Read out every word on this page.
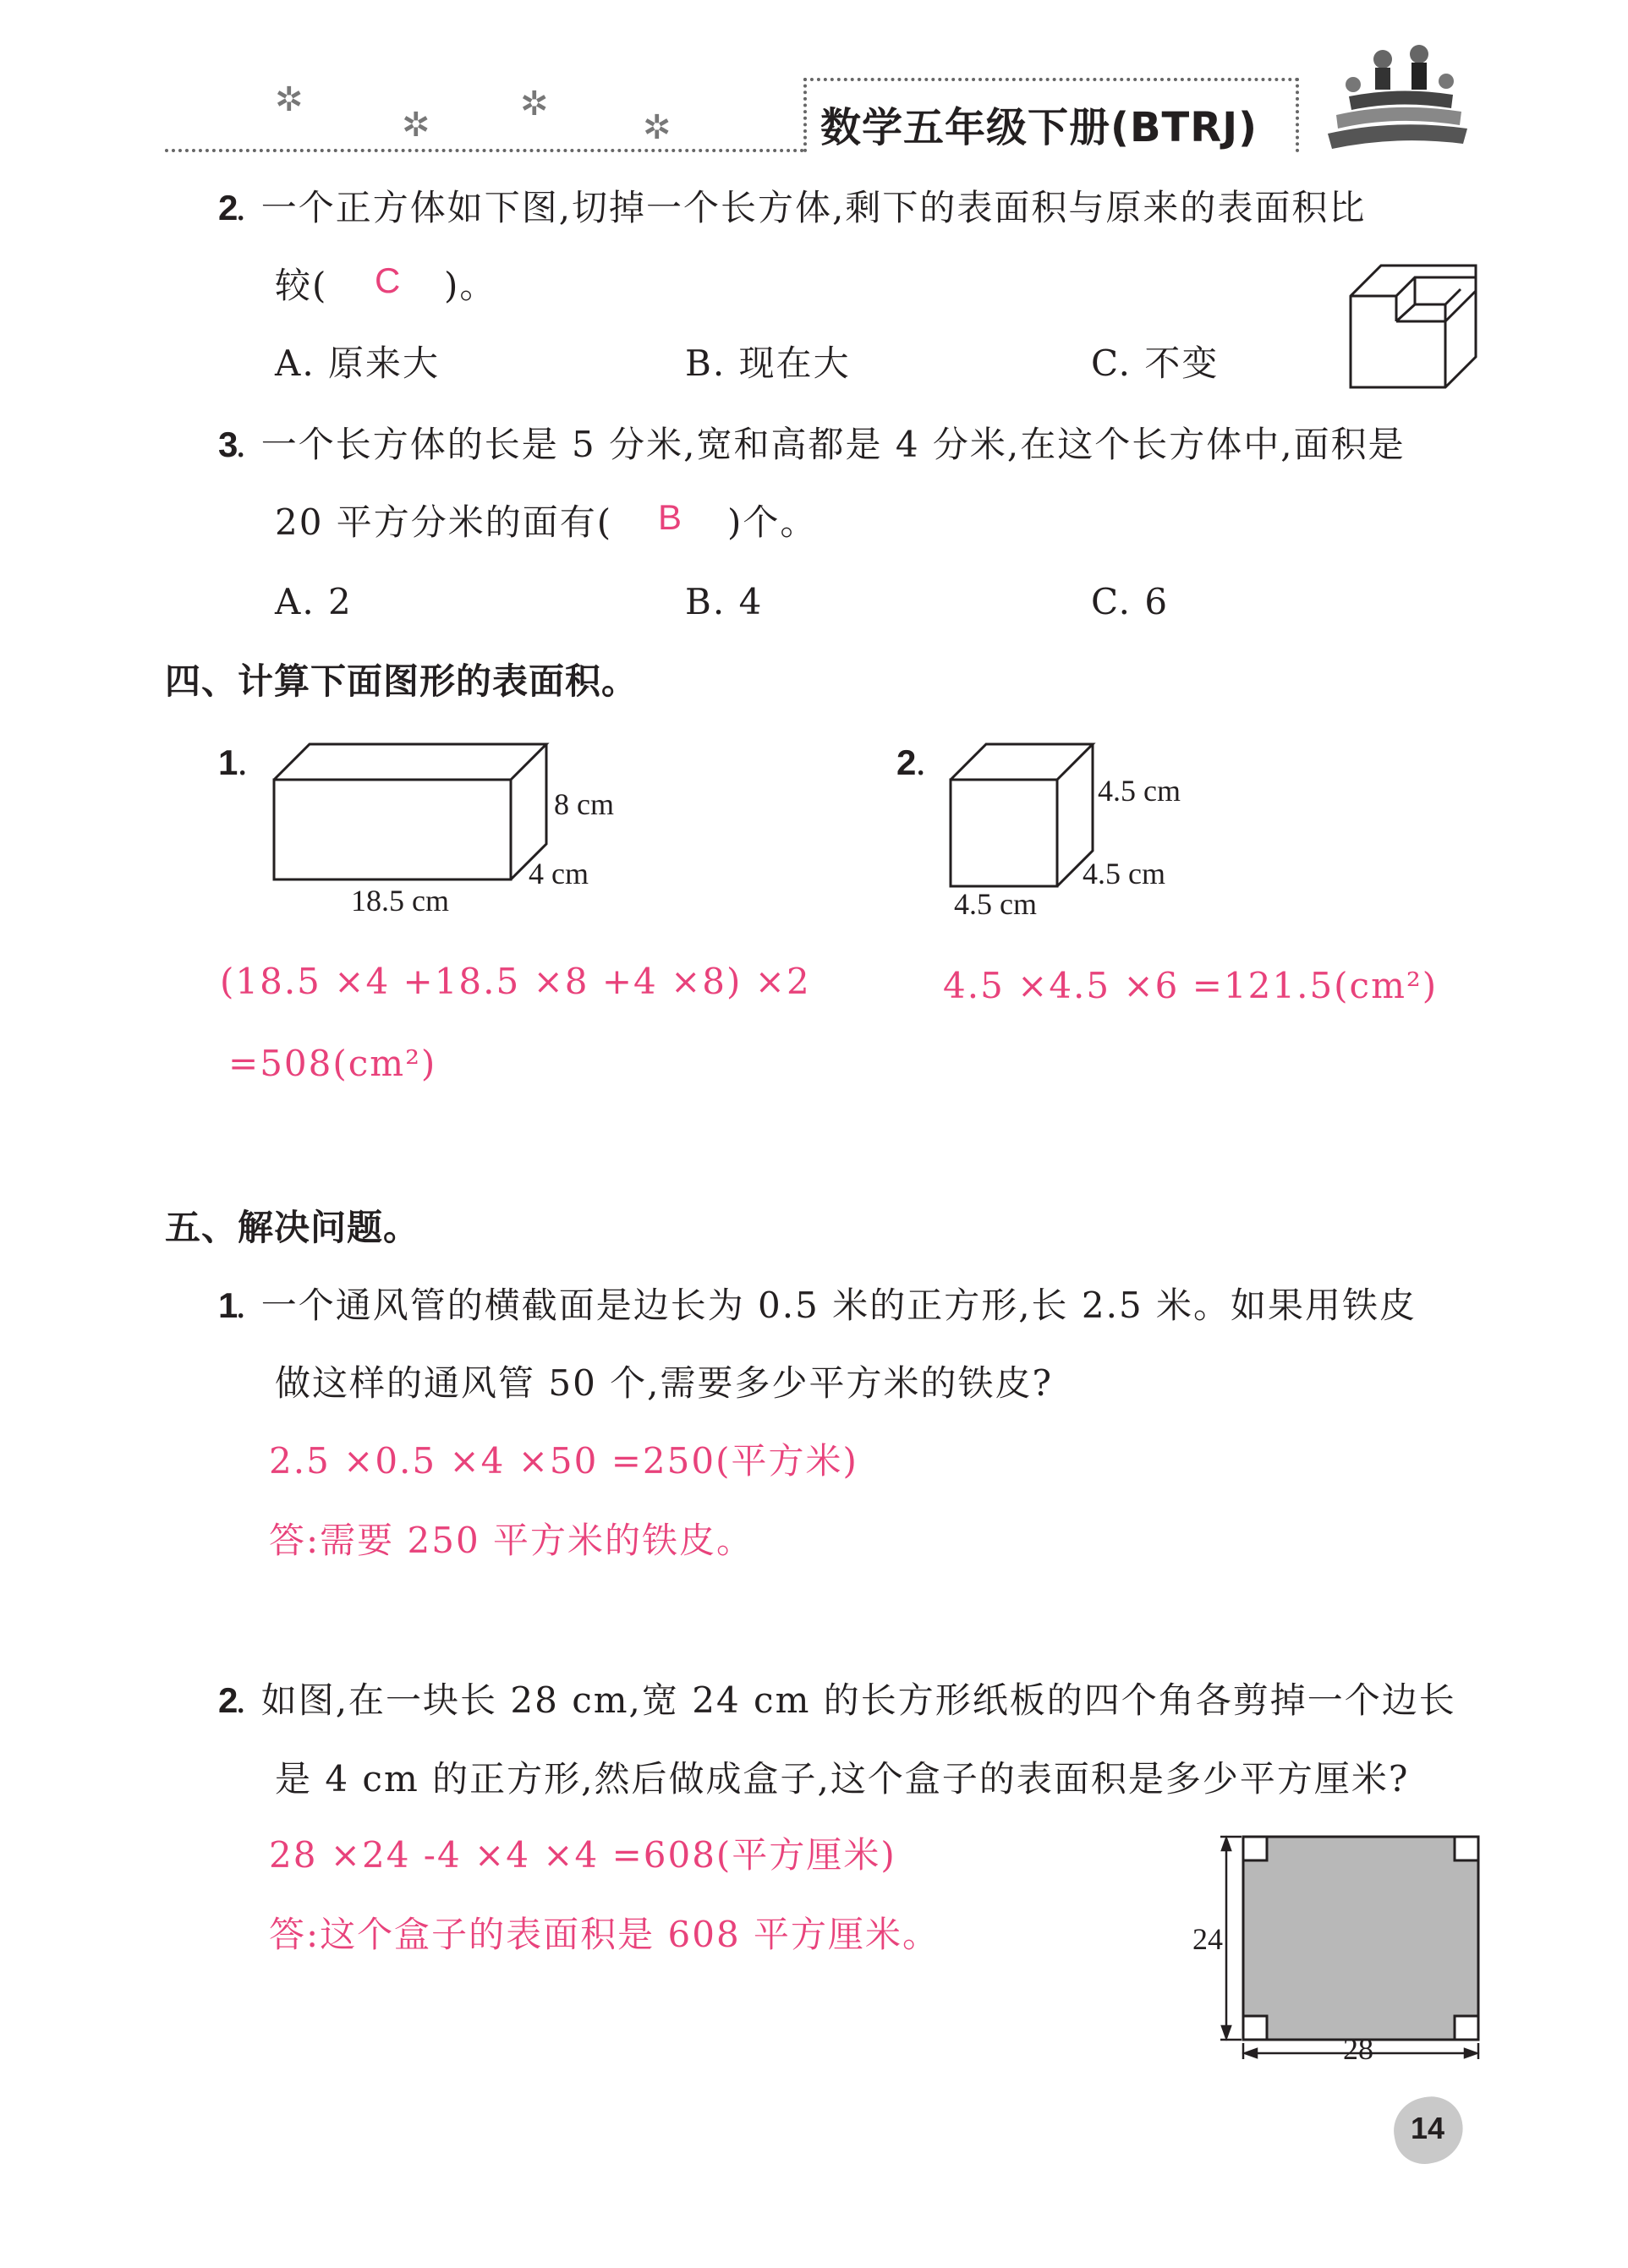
✲
✲
✲
✲	数学五年级下册(BTRJ)
2
. 一个正方体如下图,切掉一个长方体,剩下的表面积与原来的表面积比
较( C )。
A. 原来大	B. 现在大	C. 不变
3
. 一个长方体的长是 5 分米,宽和高都是 4 分米,在这个长方体中,面积是
20 平方分米的面有( B )个。
A. 2	B. 4	C. 6
四、计算下面图形的表面积。
1
.
8 cm
4 cm
18.5 cm
(18.5 ×4 +18.5 ×8 +4 ×8) ×2
=508(cm²)
2
.
4.5 cm
4.5 cm
4.5 cm
4.5 ×4.5 ×6 =121.5(cm²)
五、解决问题。
1
. 一个通风管的横截面是边长为 0.5 米的正方形,长 2.5 米。如果用铁皮
做这样的通风管 50 个,需要多少平方米的铁皮?
2.5 ×0.5 ×4 ×50 =250(平方米)
答:需要 250 平方米的铁皮。
2
. 如图,在一块长 28 cm,宽 24 cm 的长方形纸板的四个角各剪掉一个边长
是 4 cm 的正方形,然后做成盒子,这个盒子的表面积是多少平方厘米?
28 ×24 -4 ×4 ×4 =608(平方厘米)
答:这个盒子的表面积是 608 平方厘米。	24
28
14
